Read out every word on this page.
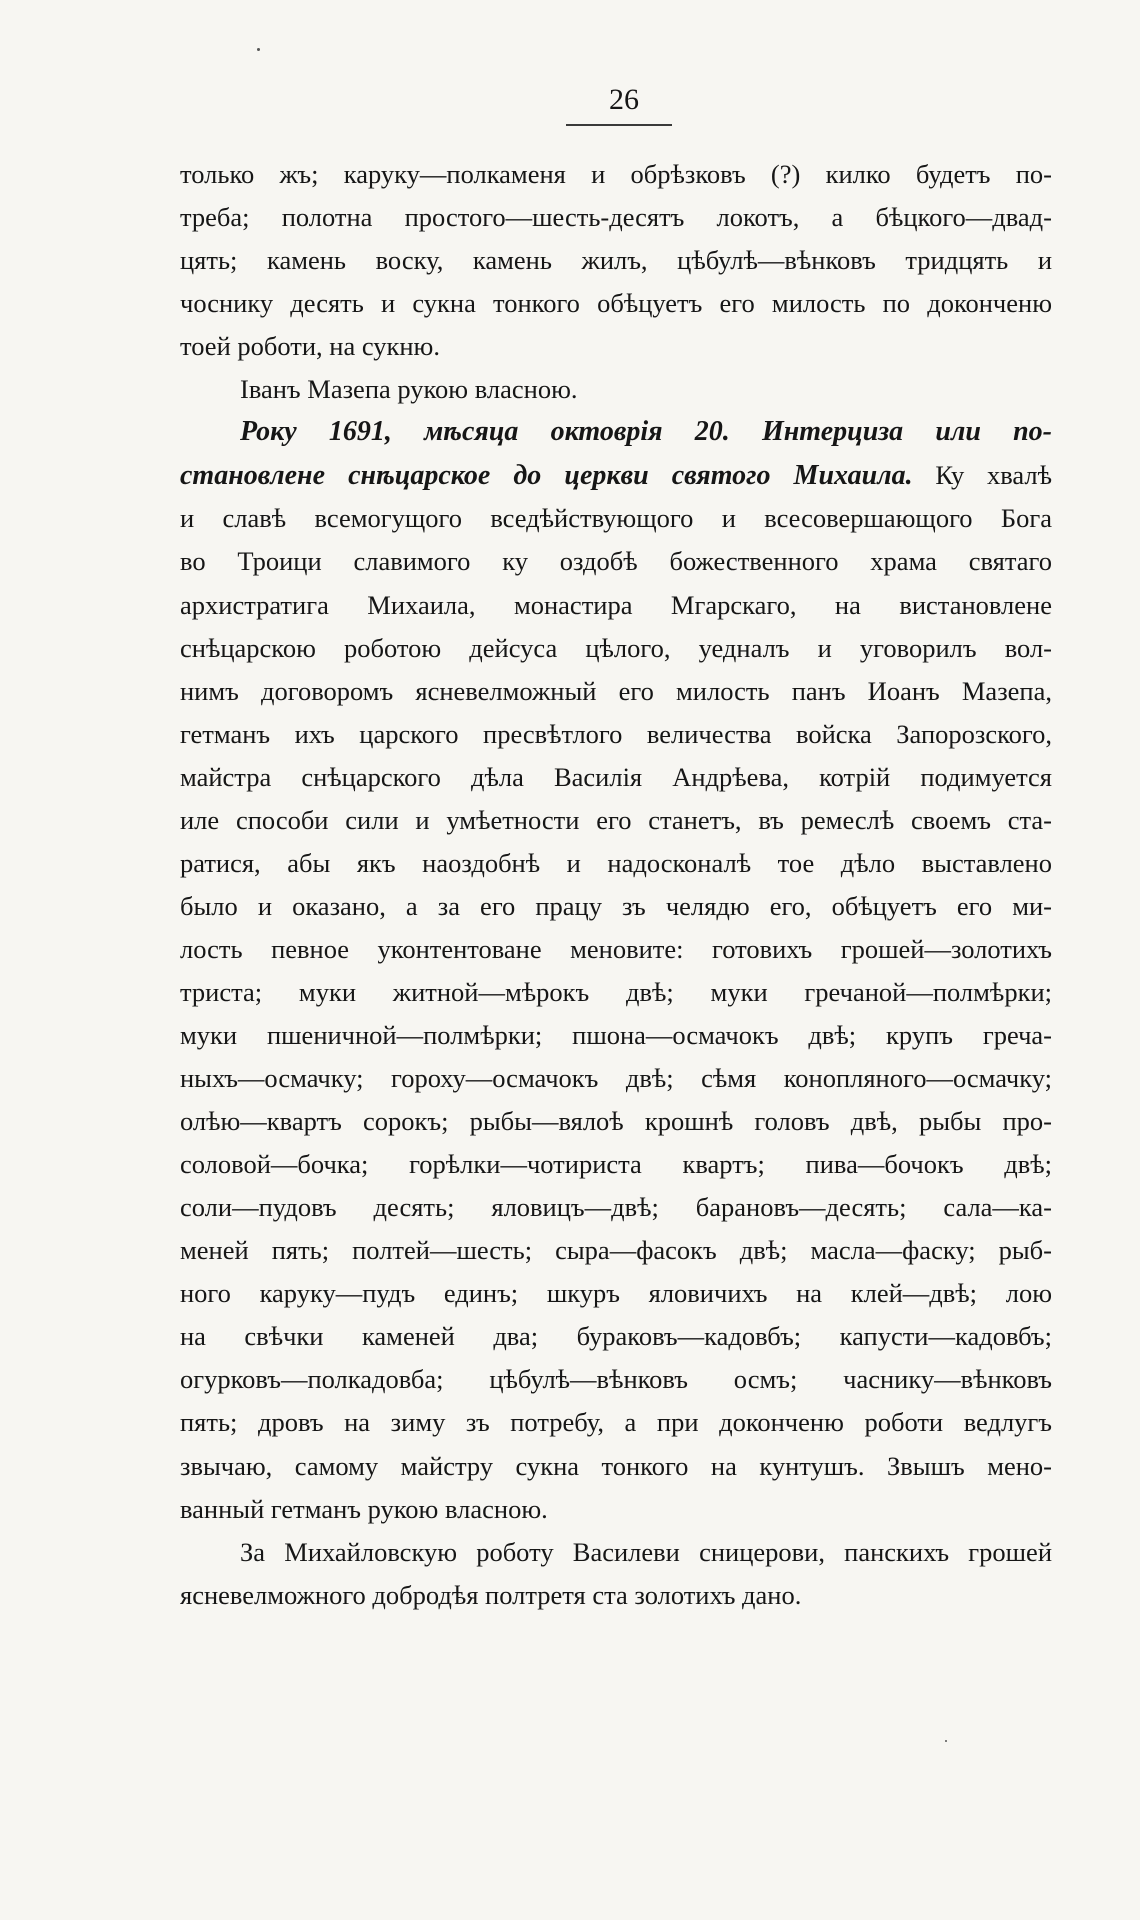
26
только жъ; каруку—полкаменя и обрѣзковъ (?) килко будетъ по-
треба; полотна простого—шесть-десятъ локотъ, а бѣцкого—двад-
цять; камень воску, камень жилъ, цѣбулѣ—вѣнковъ тридцять и
чоснику десять и сукна тонкого обѣцуетъ его милость по доконченю
тоей роботи, на сукню.
Іванъ Мазепа рукою власною.
Року 1691, мѣсяца октоврія 20. Интерциза или по-
становлене снѣцарское до церкви святого Михаила. Ку хвалѣ
и славѣ всемогущого вседѣйствующого и всесовершающого Бога
во Троици славимого ку оздобѣ божественного храма святаго
архистратига Михаила, монастира Мгарскаго, на вистановлене
снѣцарскою роботою дейсуса цѣлого, уедналъ и уговорилъ вол-
нимъ договоромъ ясневелможный его милость панъ Иоанъ Мазепа,
гетманъ ихъ царского пресвѣтлого величества войска Запорозского,
майстра снѣцарского дѣла Василія Андрѣева, котрій подимуется
иле способи сили и умѣетности его станетъ, въ ремеслѣ своемъ ста-
ратися, абы якъ наоздобнѣ и надосконалѣ тое дѣло выставлено
было и оказано, а за его працу зъ челядю его, обѣцуетъ его ми-
лость певное уконтентоване меновите: готовихъ грошей—золотихъ
триста; муки житной—мѣрокъ двѣ; муки гречаной—полмѣрки;
муки пшеничной—полмѣрки; пшона—осмачокъ двѣ; крупъ греча-
ныхъ—осмачку; гороху—осмачокъ двѣ; сѣмя конопляного—осмачку;
олѣю—квартъ сорокъ; рыбы—вялоѣ крошнѣ головъ двѣ, рыбы про-
соловой—бочка; горѣлки—чотириста квартъ; пива—бочокъ двѣ;
соли—пудовъ десять; яловицъ—двѣ; барановъ—десять; сала—ка-
меней пять; полтей—шесть; сыра—фасокъ двѣ; масла—фаску; рыб-
ного каруку—пудъ единъ; шкуръ яловичихъ на клей—двѣ; лою
на свѣчки каменей два; бураковъ—кадовбъ; капусти—кадовбъ;
огурковъ—полкадовба; цѣбулѣ—вѣнковъ осмъ; часнику—вѣнковъ
пять; дровъ на зиму зъ потребу, а при доконченю роботи ведлугъ
звычаю, самому майстру сукна тонкого на кунтушъ. Звышъ мено-
ванный гетманъ рукою власною.
За Михайловскую роботу Василеви сницерови, панскихъ грошей
ясневелможного добродѣя полтретя ста золотихъ дано.
